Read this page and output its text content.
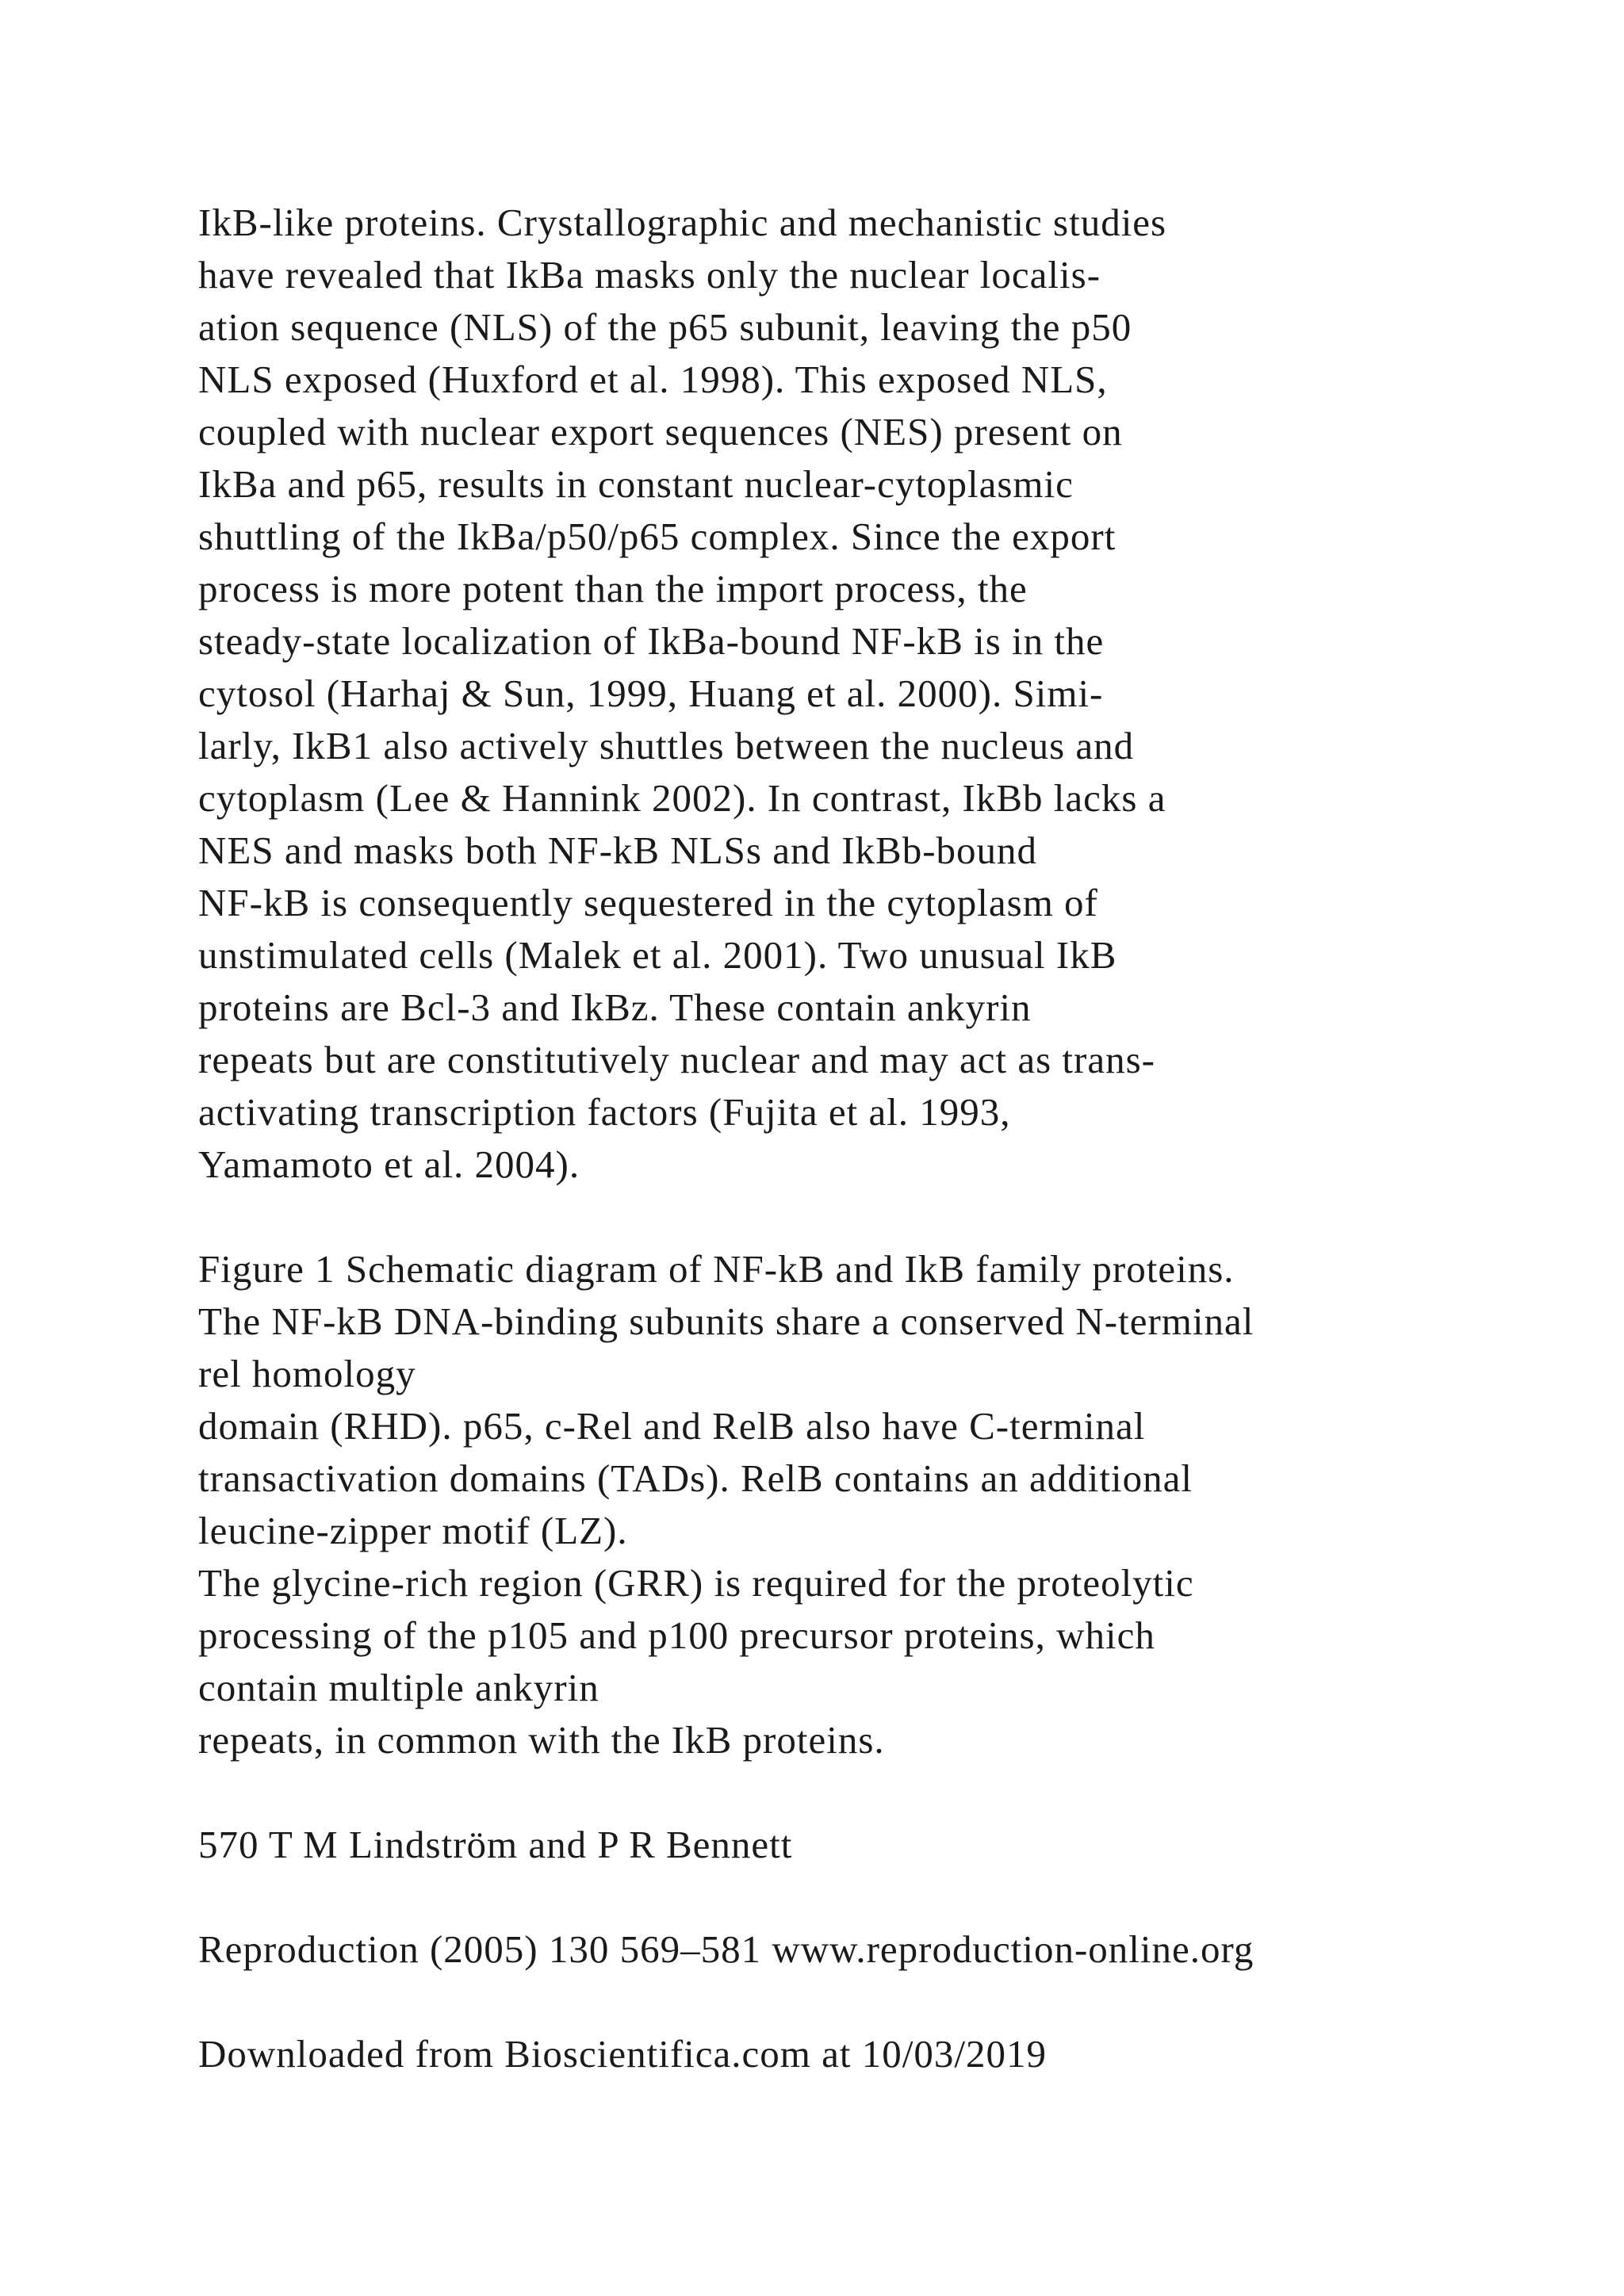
IkB-like proteins. Crystallographic and mechanistic studies
have revealed that IkBa masks only the nuclear localis-
ation sequence (NLS) of the p65 subunit, leaving the p50
NLS exposed (Huxford et al. 1998). This exposed NLS,
coupled with nuclear export sequences (NES) present on
IkBa and p65, results in constant nuclear-cytoplasmic
shuttling of the IkBa/p50/p65 complex. Since the export
process is more potent than the import process, the
steady-state localization of IkBa-bound NF-kB is in the
cytosol (Harhaj & Sun, 1999, Huang et al. 2000). Simi-
larly, IkB1 also actively shuttles between the nucleus and
cytoplasm (Lee & Hannink 2002). In contrast, IkBb lacks a
NES and masks both NF-kB NLSs and IkBb-bound
NF-kB is consequently sequestered in the cytoplasm of
unstimulated cells (Malek et al. 2001). Two unusual IkB
proteins are Bcl-3 and IkBz. These contain ankyrin
repeats but are constitutively nuclear and may act as trans-
activating transcription factors (Fujita et al. 1993,
Yamamoto et al. 2004).
Figure 1 Schematic diagram of NF-kB and IkB family proteins.
The NF-kB DNA-binding subunits share a conserved N-terminal
rel homology
domain (RHD). p65, c-Rel and RelB also have C-terminal
transactivation domains (TADs). RelB contains an additional
leucine-zipper motif (LZ).
The glycine-rich region (GRR) is required for the proteolytic
processing of the p105 and p100 precursor proteins, which
contain multiple ankyrin
repeats, in common with the IkB proteins.
570 T M Lindström and P R Bennett
Reproduction (2005) 130 569–581 www.reproduction-online.org
Downloaded from Bioscientifica.com at 10/03/2019
